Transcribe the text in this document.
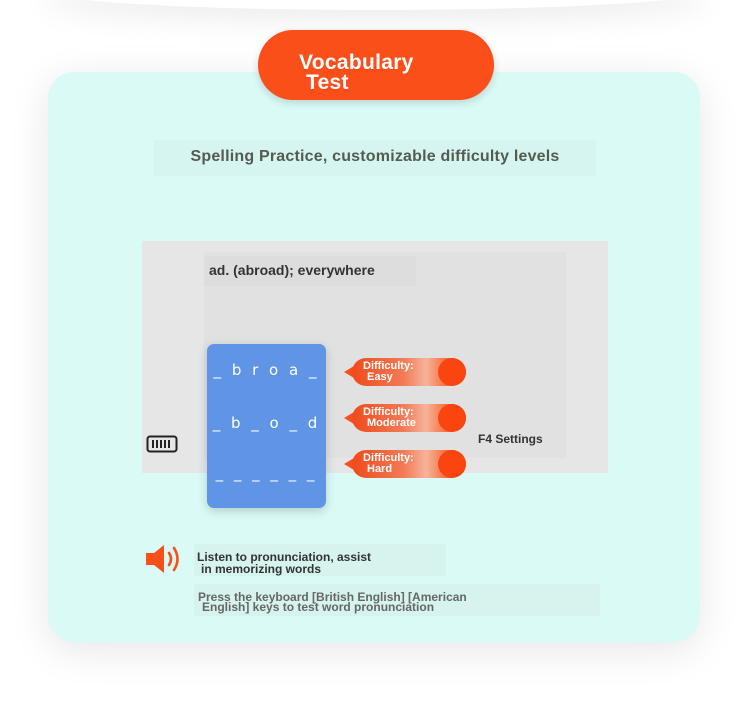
Vocabulary
Test
Spelling Practice, customizable difficulty levels
ad. (abroad); everywhere
_ b r o a _
_ b _ o _ d
_ _ _ _ _ _
Difficulty:
Easy
Difficulty:
Moderate
Difficulty:
Hard
F4 Settings
Listen to pronunciation, assist
in memorizing words
Press the keyboard [British English] [American
English] keys to test word pronunciation
